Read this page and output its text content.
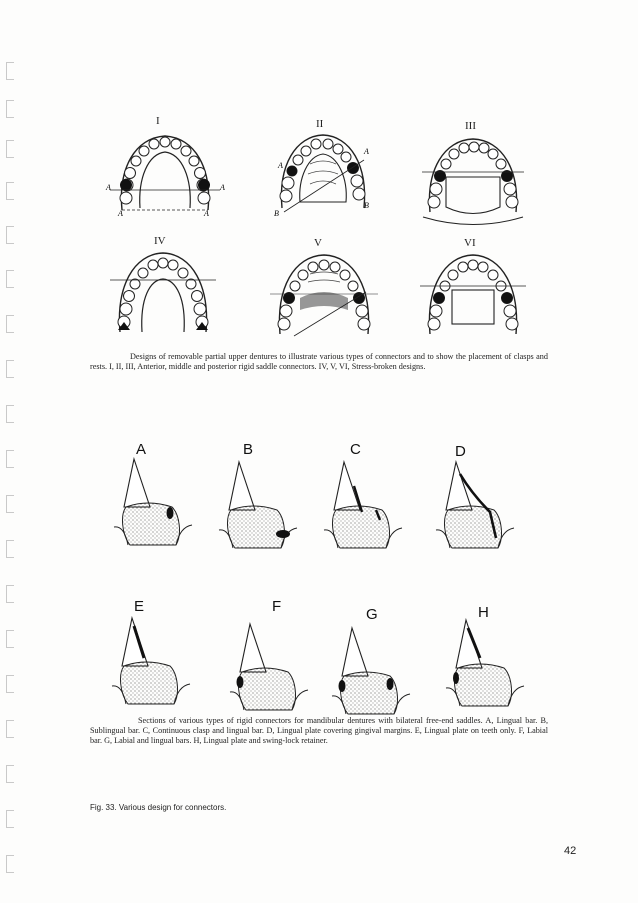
I	II	III
IV	V	VI
A	A
A	A
A
A
B
B
Designs of removable partial upper dentures to illustrate various types of connectors and to show the placement of clasps and rests. I, II, III, Anterior, middle and posterior rigid saddle connectors. IV, V, VI, Stress-broken designs.
A	B	C	D
E	F	G	H
Sections of various types of rigid connectors for mandibular dentures with bilateral free-end saddles. A, Lingual bar. B, Sublingual bar. C, Continuous clasp and lingual bar. D, Lingual plate covering gingival margins. E, Lingual plate on teeth only. F, Labial bar. G, Labial and lingual bars. H, Lingual plate and swing-lock retainer.
Fig. 33. Various design for connectors.
42
